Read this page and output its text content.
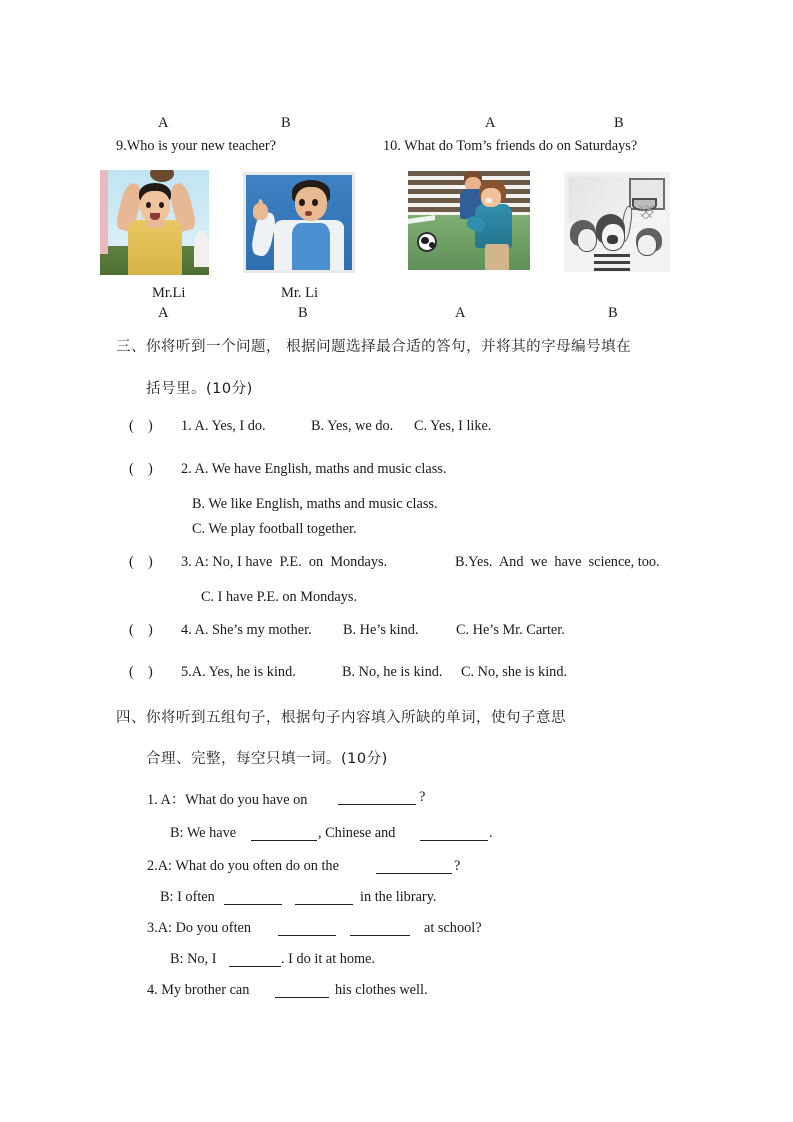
A	B	A	B
9.Who is your new teacher?	10. What do Tom’s friends do on Saturdays?
Mr.Li	Mr. Li
A	B	A	B
三、你将听到一个问题， 根据问题选择最合适的答句，并将其的字母编号填在
括号里。(10分)
(    ) 1. A. Yes, I do.	B. Yes, we do. C. Yes, I like.
(    ) 2. A. We have English, maths and music class.
B. We like English, maths and music class.
C. We play football together.
(    ) 3. A: No, I have  P.E.  on  Mondays.	B.Yes.  And  we  have  science, too.
C. I have P.E. on Mondays.
(    ) 4. A. She’s my mother. B. He’s kind.	C. He’s Mr. Carter.
(    ) 5.A. Yes, he is kind.	B. No, he is kind. C. No, she is kind.
四、你将听到五组句子，根据句子内容填入所缺的单词，使句子意思
合理、完整，每空只填一词。(10分)
1. A：What do you have on	?
B: We have	, Chinese and	.
2.A: What do you often do on the	?
B: I often	in the library.
3.A: Do you often	at school?
B: No, I	. I do it at home.
4. My brother can	his clothes well.
